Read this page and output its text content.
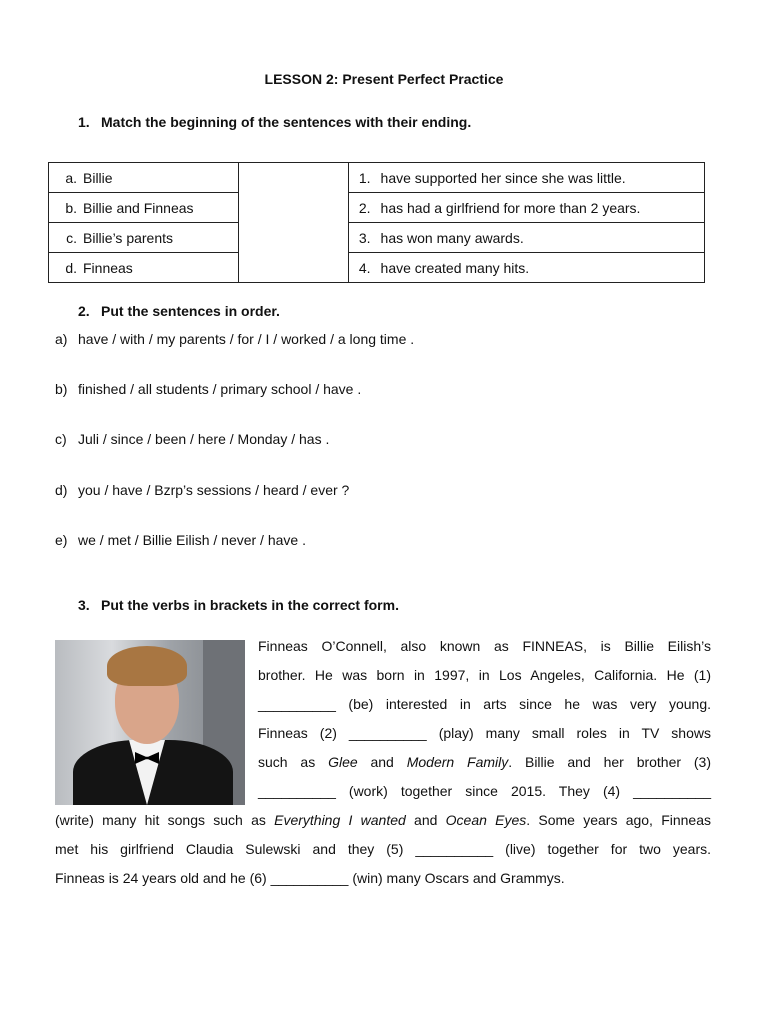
LESSON 2: Present Perfect Practice
1. Match the beginning of the sentences with their ending.
a. Billie		1. have supported her since she was little.

b. Billie and Finneas		2. has had a girlfriend for more than 2 years.

c. Billie’s parents		3. has won many awards.

d. Finneas		4. have created many hits.
2. Put the sentences in order.
a) have / with / my parents / for / I / worked / a long time .
b) finished / all students / primary school / have .
c) Juli / since / been / here / Monday / has .
d) you / have / Bzrp’s sessions / heard / ever ?
e) we / met / Billie Eilish / never / have .
3. Put the verbs in brackets in the correct form.
Finneas O’Connell, also known as FINNEAS, is Billie Eilish’s
brother. He was born in 1997, in Los Angeles, California. He (1)
__________ (be) interested in arts since he was very young.
Finneas (2) __________ (play) many small roles in TV shows
such as Glee and Modern Family. Billie and her brother (3)
__________ (work) together since 2015. They (4) __________
(write) many hit songs such as Everything I wanted and Ocean Eyes. Some years ago, Finneas
met his girlfriend Claudia Sulewski and they (5) __________ (live) together for two years.
Finneas is 24 years old and he (6) __________ (win) many Oscars and Grammys.
